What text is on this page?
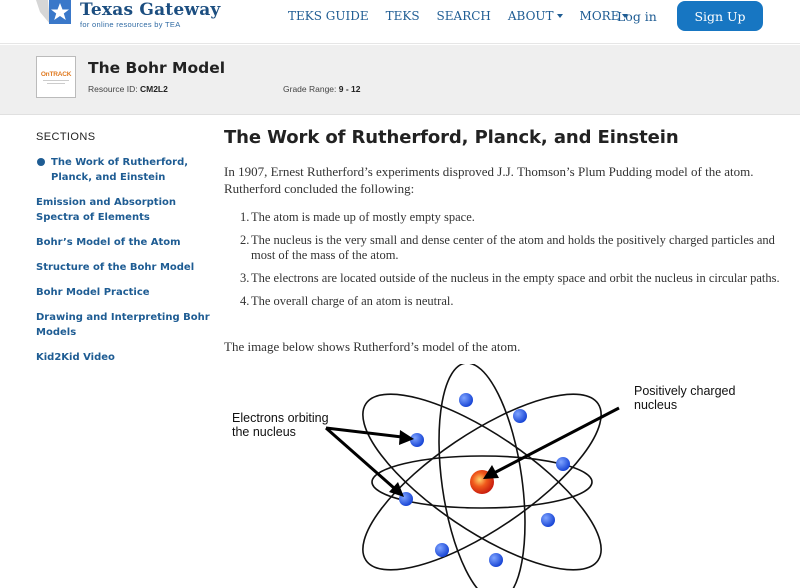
Texas Gateway
for online resources by TEA
TEKS GUIDE TEKS SEARCH ABOUT MORE
Log in	Sign Up
OnTRACK The Bohr Model
Resource ID: CM2L2	Grade Range: 9 - 12
SECTIONS
The Work of Rutherford, Planck, and Einstein
Emission and Absorption Spectra of Elements
Bohr’s Model of the Atom
Structure of the Bohr Model
Bohr Model Practice
Drawing and Interpreting Bohr Models
Kid2Kid Video
The Work of Rutherford, Planck, and Einstein
In 1907, Ernest Rutherford’s experiments disproved J.J. Thomson’s Plum Pudding model of the atom. Rutherford concluded the following:
1. The atom is made up of mostly empty space.
2. The nucleus is the very small and dense center of the atom and holds the positively charged particles and most of the mass of the atom.
3. The electrons are located outside of the nucleus in the empty space and orbit the nucleus in circular paths.
4. The overall charge of an atom is neutral.
The image below shows Rutherford’s model of the atom.
Electrons orbiting
the nucleus
Positively charged
nucleus
